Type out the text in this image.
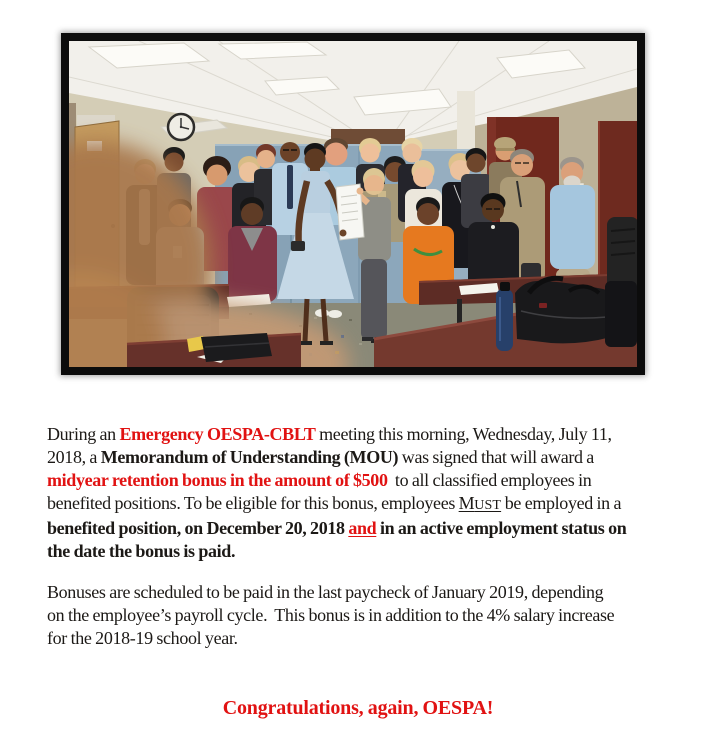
During an Emergency OESPA-CBLT meeting this morning, Wednesday, July 11, 2018, a Memorandum of Understanding (MOU) was signed that will award a midyear retention bonus in the amount of $500  to all classified employees in benefited positions. To be eligible for this bonus, employees MUST be employed in a benefited position, on December 20, 2018 and in an active employment status on the date the bonus is paid.

Bonuses are scheduled to be paid in the last paycheck of January 2019, depending on the employee’s payroll cycle.  This bonus is in addition to the 4% salary increase for the 2018-19 school year.

Congratulations, again, OESPA!
